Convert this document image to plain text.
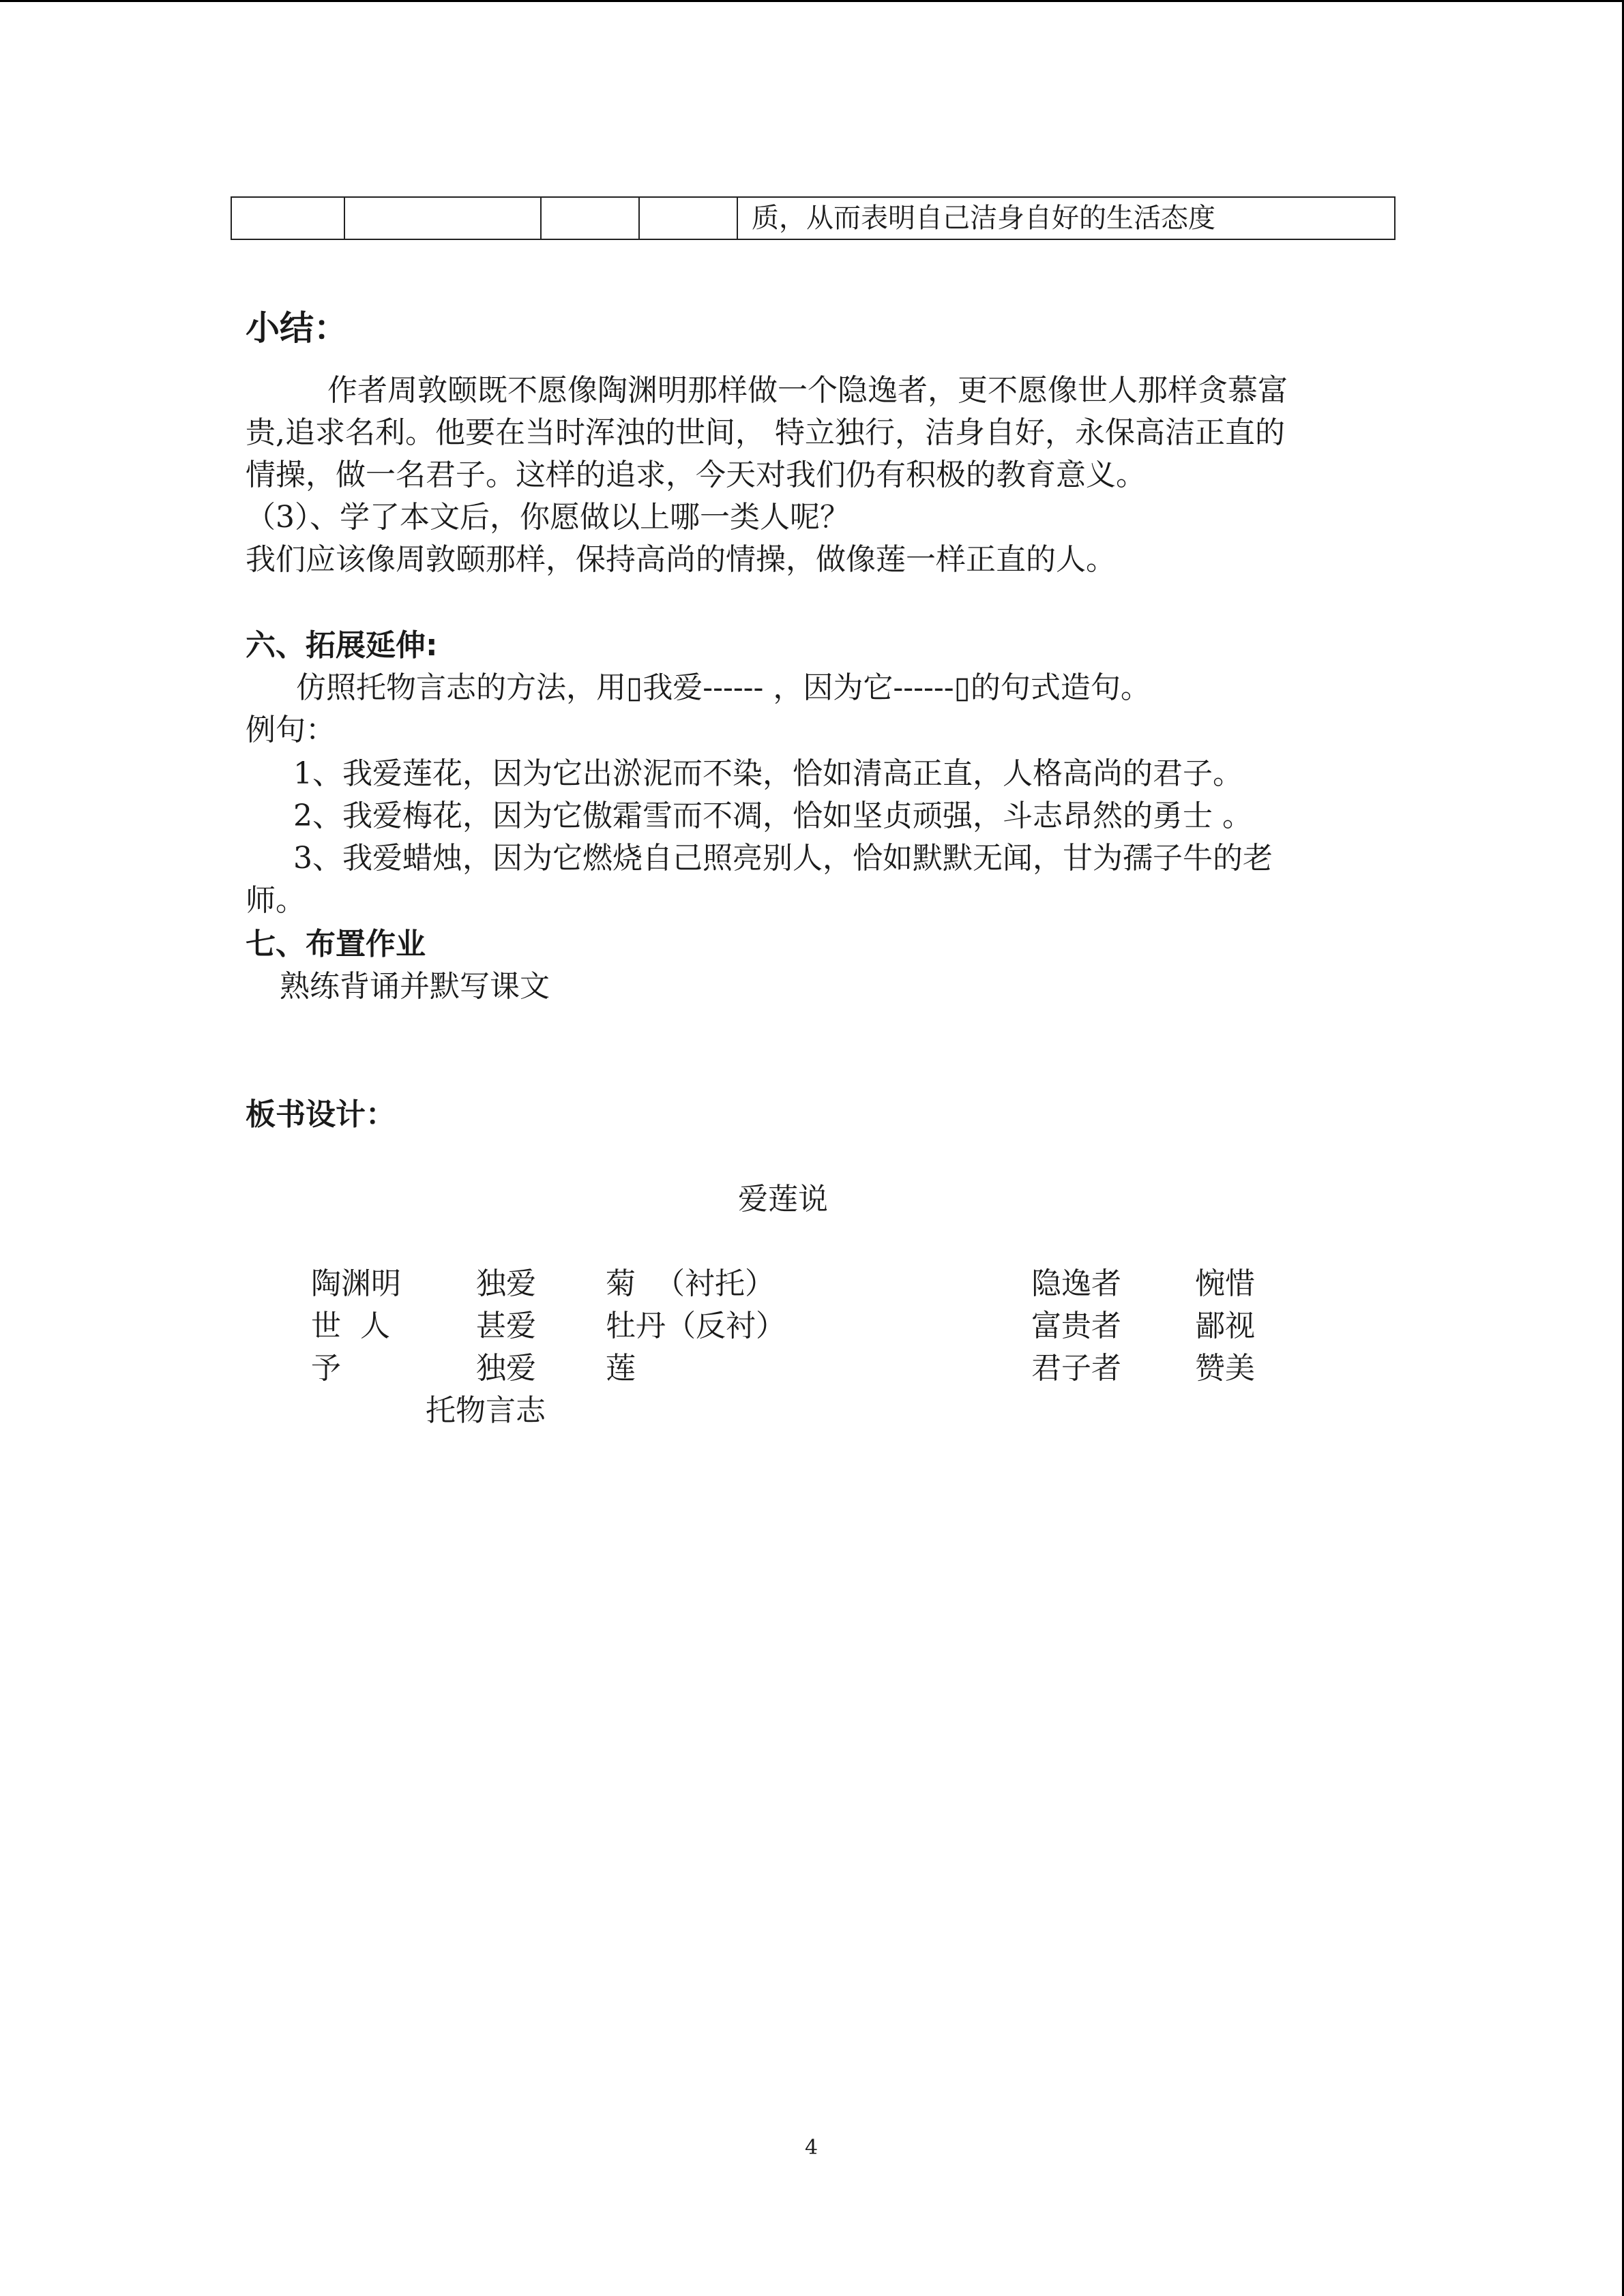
				质，从而表明自己洁身自好的生活态度
小结：
作者周敦颐既不愿像陶渊明那样做一个隐逸者，更不愿像世人那样贪慕富
贵,追求名利。他要在当时浑浊的世间， 特立独行，洁身自好，永保高洁正直的
情操，做一名君子。这样的追求，今天对我们仍有积极的教育意义。
（3）、学了本文后，你愿做以上哪一类人呢？
我们应该像周敦颐那样，保持高尚的情操，做像莲一样正直的人。
六、拓展延伸:
仿照托物言志的方法，用▯我爱------ ，因为它------▯的句式造句。
例句：
1、我爱莲花，因为它出淤泥而不染，恰如清高正直，人格高尚的君子。
2、我爱梅花，因为它傲霜雪而不凋，恰如坚贞顽强，斗志昂然的勇士 。
3、我爱蜡烛，因为它燃烧自己照亮别人，恰如默默无闻，甘为孺子牛的老
师。
七、布置作业
熟练背诵并默写课文
板书设计：
爱莲说
陶渊明	独爱 菊  （衬托）	隐逸者 惋惜
世  人	甚爱 牡丹（反衬）	富贵者 鄙视
予	独爱 莲	君子者 赞美
托物言志
4
